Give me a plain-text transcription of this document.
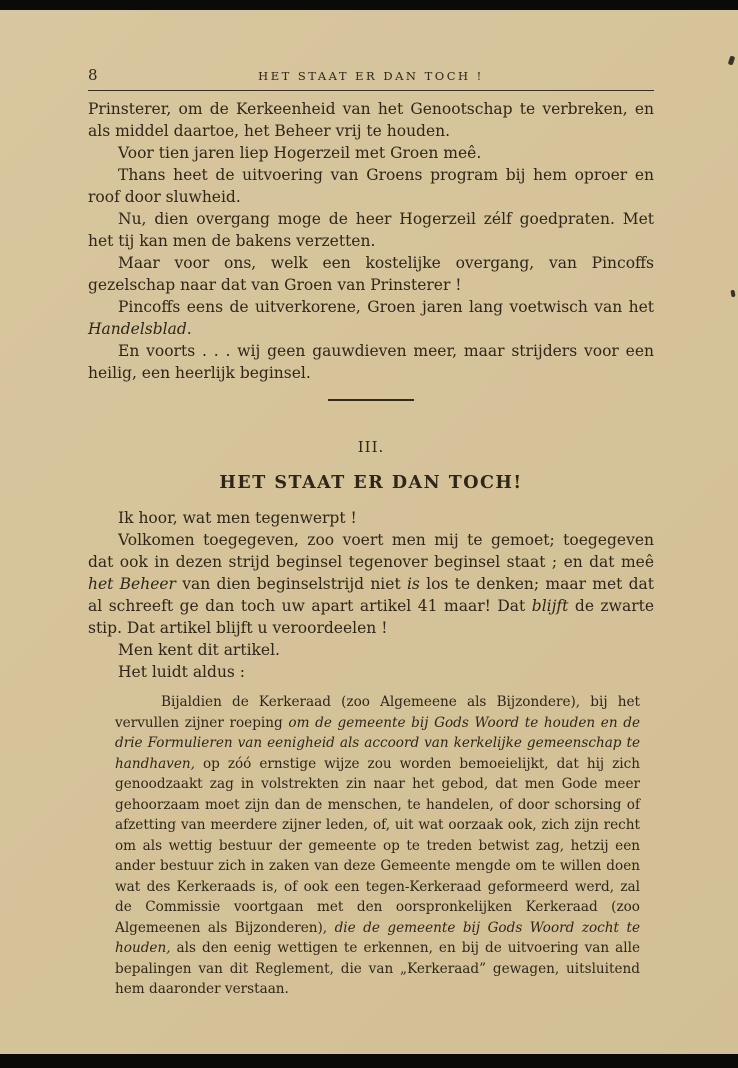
8	HET STAAT ER DAN TOCH !

Prinsterer, om de Kerkeenheid van het Genootschap te verbreken, en als middel daartoe, het Beheer vrij te houden.

Voor tien jaren liep Hogerzeil met Groen meê.

Thans heet de uitvoering van Groens program bij hem oproer en roof door sluwheid.

Nu, dien overgang moge de heer Hogerzeil zélf goedpraten. Met het tij kan men de bakens verzetten.

Maar voor ons, welk een kostelijke overgang, van Pincoffs gezelschap naar dat van Groen van Prinsterer !

Pincoffs eens de uitverkorene, Groen jaren lang voetwisch van het Handelsblad.

En voorts . . . wij geen gauwdieven meer, maar strijders voor een heilig, een heerlijk beginsel.

III.
HET STAAT ER DAN TOCH!

Ik hoor, wat men tegenwerpt !

Volkomen toegegeven, zoo voert men mij te gemoet; toegegeven dat ook in dezen strijd beginsel tegenover beginsel staat ; en dat meê het Beheer van dien beginselstrijd niet is los te denken; maar met dat al schreeft ge dan toch uw apart artikel 41 maar! Dat blijft de zwarte stip. Dat artikel blijft u veroordeelen !

Men kent dit artikel.

Het luidt aldus :

Bijaldien de Kerkeraad (zoo Algemeene als Bijzondere), bij het vervullen zijner roeping om de gemeente bij Gods Woord te houden en de drie Formulieren van eenigheid als accoord van kerkelijke gemeenschap te handhaven, op zóó ernstige wijze zou worden bemoeielijkt, dat hij zich genoodzaakt zag in volstrekten zin naar het gebod, dat men Gode meer gehoorzaam moet zijn dan de menschen, te handelen, of door schorsing of afzetting van meerdere zijner leden, of, uit wat oorzaak ook, zich zijn recht om als wettig bestuur der gemeente op te treden betwist zag, hetzij een ander bestuur zich in zaken van deze Gemeente mengde om te willen doen wat des Kerkeraads is, of ook een tegen-Kerkeraad geformeerd werd, zal de Commissie voortgaan met den oorspronkelijken Kerkeraad (zoo Algemeenen als Bijzonderen), die de gemeente bij Gods Woord zocht te houden, als den eenig wettigen te erkennen, en bij de uitvoering van alle bepalingen van dit Reglement, die van „Kerkeraad” gewagen, uitsluitend hem daaronder verstaan.
